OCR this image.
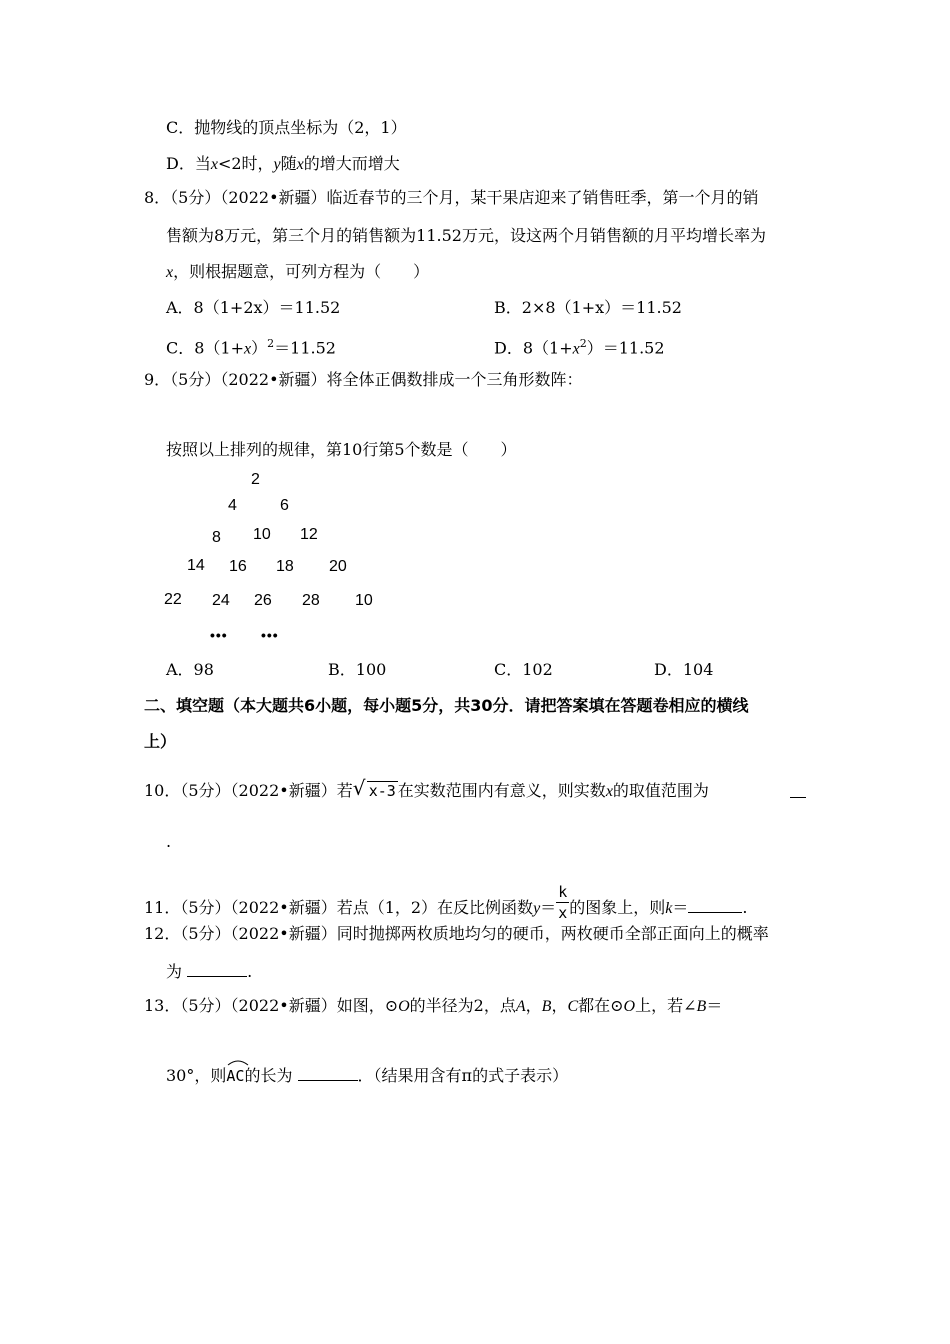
C．抛物线的顶点坐标为（2，1）
D．当x<2时，y随x的增大而增大
8．（5分）（2022•新疆）临近春节的三个月，某干果店迎来了销售旺季，第一个月的销
售额为8万元，第三个月的销售额为11.52万元，设这两个月销售额的月平均增长率为
x，则根据题意，可列方程为（　　）
A．8（1+2x）＝11.52	B．2×8（1+x）＝11.52
C．$8(1+x)^2=11.52$	D．$8(1+x^2)=11.52$
9．（5分）（2022•新疆）将全体正偶数排成一个三角形数阵：
按照以上排列的规律，第10行第5个数是（　　）
2
4	6
8 10 12
14 16 18 20
22 24 26 28 10
••• •••
A．98	B．100	C．102	D．104
二、填空题（本大题共6小题，每小题5分，共30分．请把答案填在答题卷相应的横线
上）
10．（5分）（2022•新疆）若 √ x-3 在实数范围内有意义，则实数x的取值范围为
.
11．（5分）（2022•新疆）若点（1，2）在反比例函数$y= \frac{k}{x}$ 的图象上，则k＝	.
12．（5分）（2022•新疆）同时抛掷两枚质地均匀的硬币，两枚硬币全部正面向上的概率
为	.
13．（5分）（2022•新疆）如图，⊙O的半径为2，点A，B，C都在⊙O上，若∠B＝
30°，则
AC的长为	．（结果用含有π的式子表示）
